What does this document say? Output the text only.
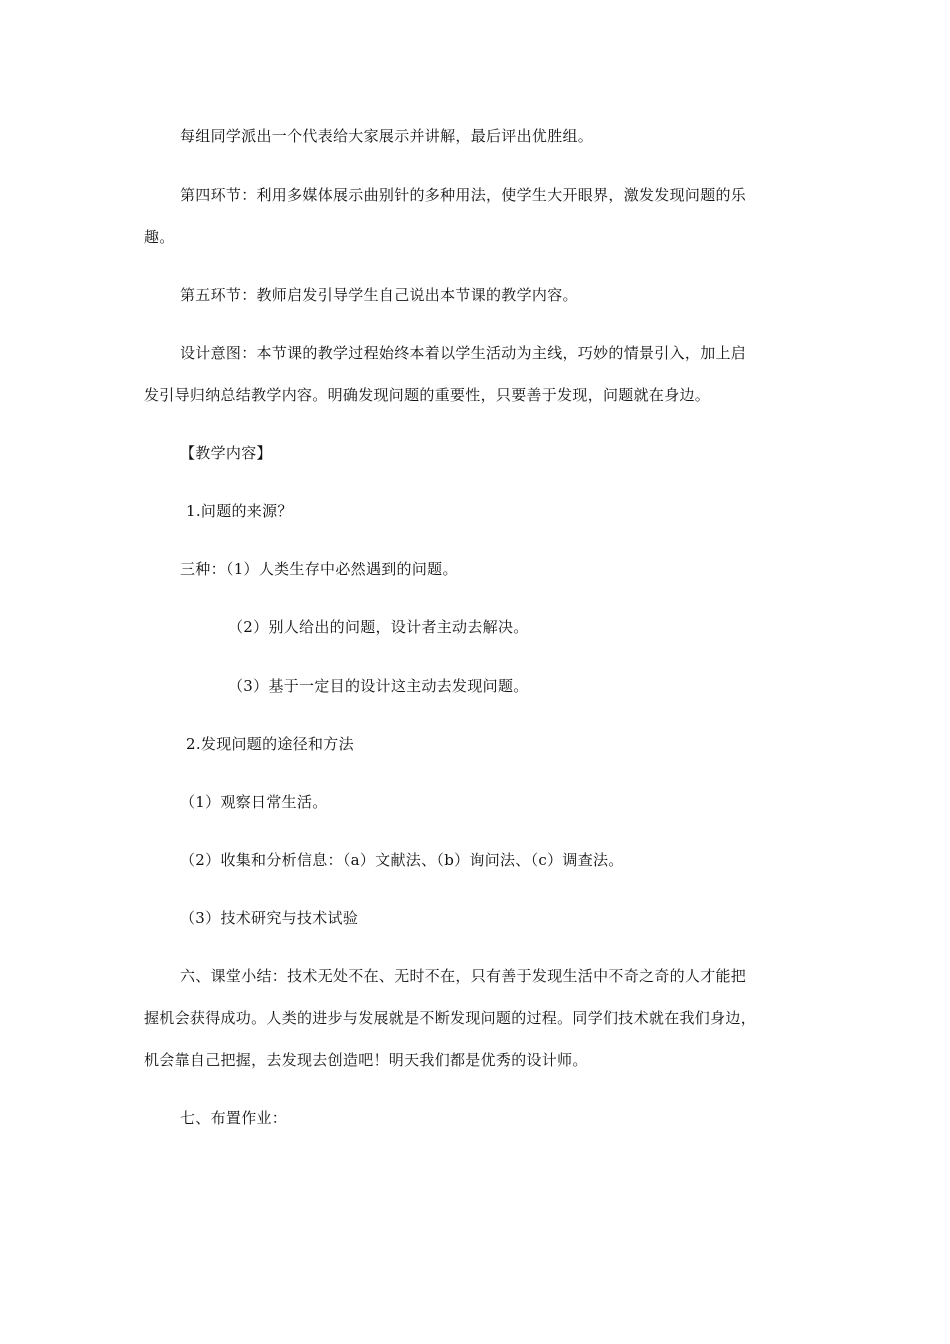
每组同学派出一个代表给大家展示并讲解，最后评出优胜组。
第四环节：利用多媒体展示曲别针的多种用法，使学生大开眼界，激发发现问题的乐
趣。
第五环节：教师启发引导学生自己说出本节课的教学内容。
设计意图：本节课的教学过程始终本着以学生活动为主线，巧妙的情景引入，加上启
发引导归纳总结教学内容。明确发现问题的重要性，只要善于发现，问题就在身边。
【教学内容】
1.问题的来源？
三种：（1）人类生存中必然遇到的问题。
（2）别人给出的问题，设计者主动去解决。
（3）基于一定目的设计这主动去发现问题。
2.发现问题的途径和方法
（1）观察日常生活。
（2）收集和分析信息：（a）文献法、（b）询问法、（c）调查法。
（3）技术研究与技术试验
六、课堂小结：技术无处不在、无时不在，只有善于发现生活中不奇之奇的人才能把
握机会获得成功。人类的进步与发展就是不断发现问题的过程。同学们技术就在我们身边，
机会靠自己把握，去发现去创造吧！明天我们都是优秀的设计师。
七、布置作业：
